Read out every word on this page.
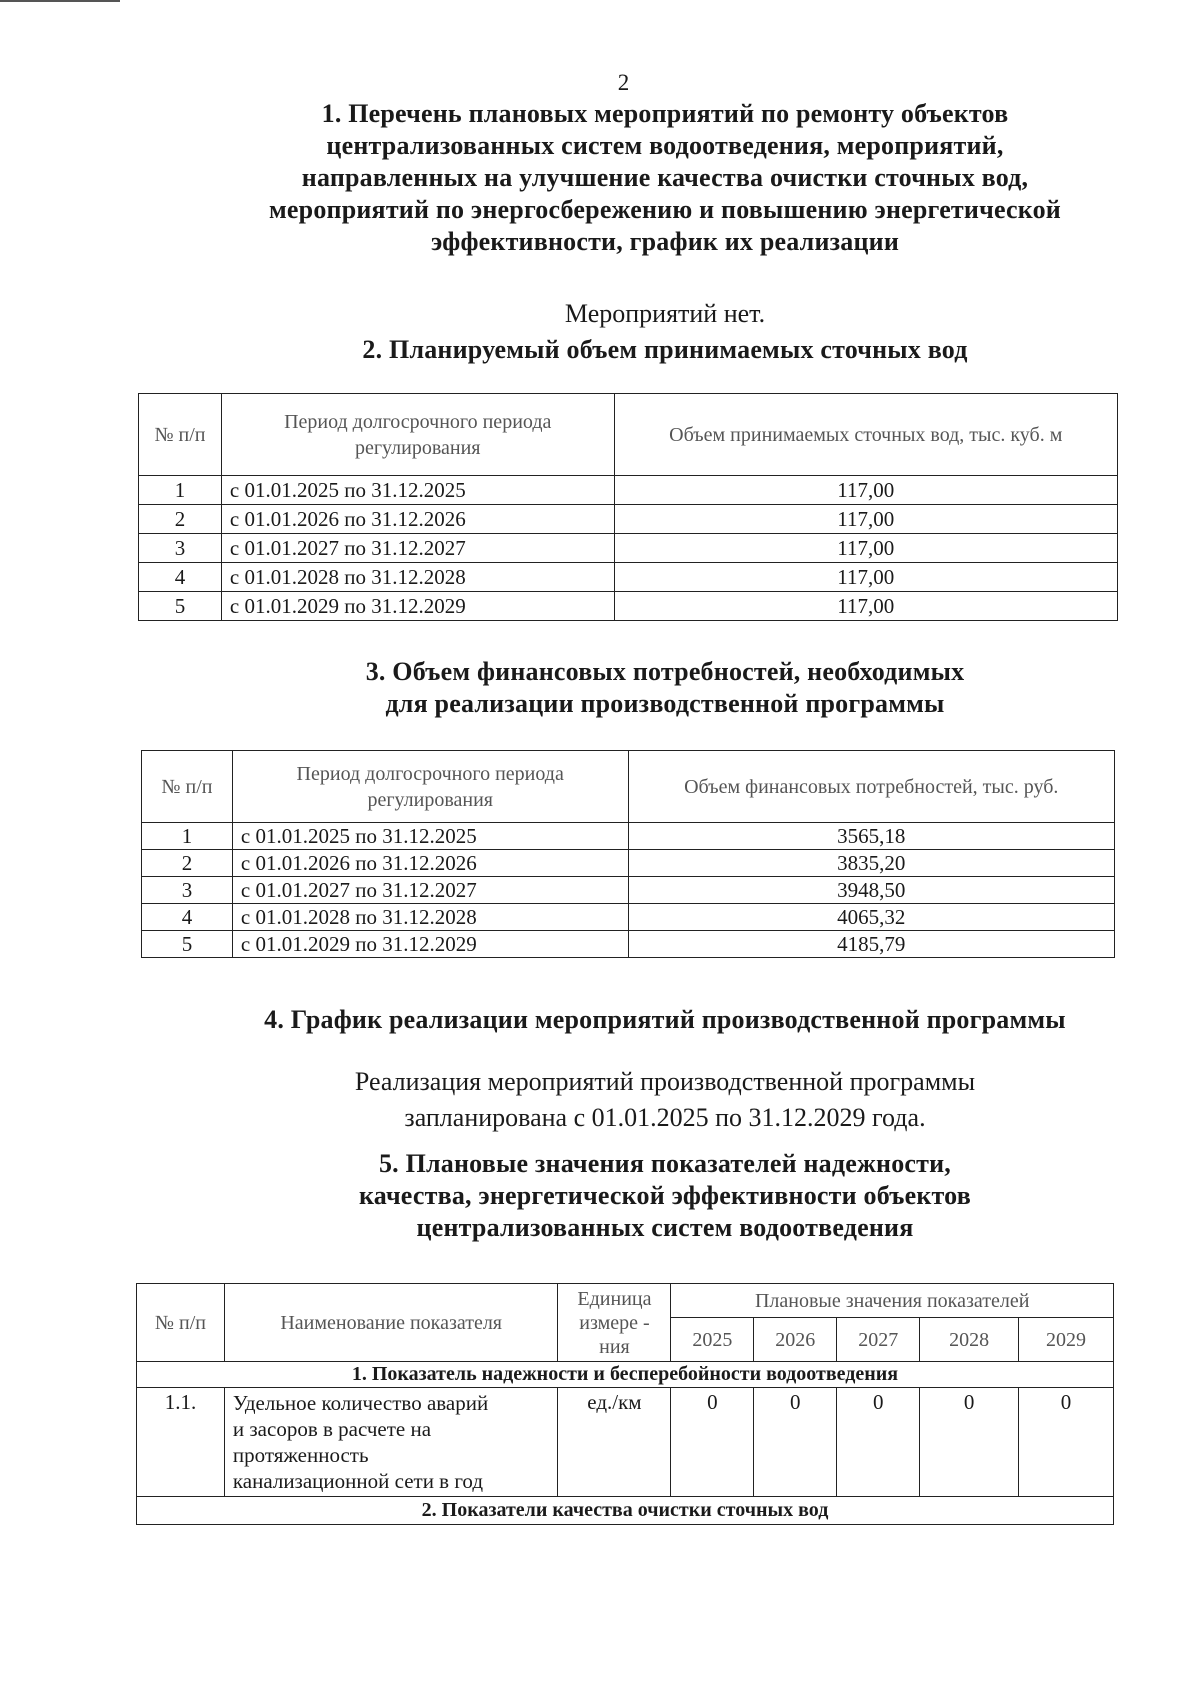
2
1. Перечень плановых мероприятий по ремонту объектов
централизованных систем водоотведения, мероприятий,
направленных на улучшение качества очистки сточных вод,
мероприятий по энергосбережению и повышению энергетической
эффективности, график их реализации
Мероприятий нет.
2. Планируемый объем принимаемых сточных вод
№ п/п	Период долгосрочного периода регулирования	Объем принимаемых сточных вод, тыс. куб. м
1	с 01.01.2025 по 31.12.2025	117,00
2	с 01.01.2026 по 31.12.2026	117,00
3	с 01.01.2027 по 31.12.2027	117,00
4	с 01.01.2028 по 31.12.2028	117,00
5	с 01.01.2029 по 31.12.2029	117,00
3. Объем финансовых потребностей, необходимых
для реализации производственной программы
№ п/п	Период долгосрочного периода регулирования	Объем финансовых потребностей, тыс. руб.
1	с 01.01.2025 по 31.12.2025	3565,18
2	с 01.01.2026 по 31.12.2026	3835,20
3	с 01.01.2027 по 31.12.2027	3948,50
4	с 01.01.2028 по 31.12.2028	4065,32
5	с 01.01.2029 по 31.12.2029	4185,79
4. График реализации мероприятий производственной программы
Реализация мероприятий производственной программы
запланирована с 01.01.2025 по 31.12.2029 года.
5. Плановые значения показателей надежности,
качества, энергетической эффективности объектов
централизованных систем водоотведения
№ п/п	Наименование показателя	Единица измере - ния	Плановые значения показателей				
			2025	2026	2027	2028	2029
1. Показатель надежности и бесперебойности водоотведения							
1.1.	Удельное количество аварий
и засоров в расчете на
протяженность
канализационной сети в год	ед./км	0	0	0	0	0
2. Показатели качества очистки сточных вод							
